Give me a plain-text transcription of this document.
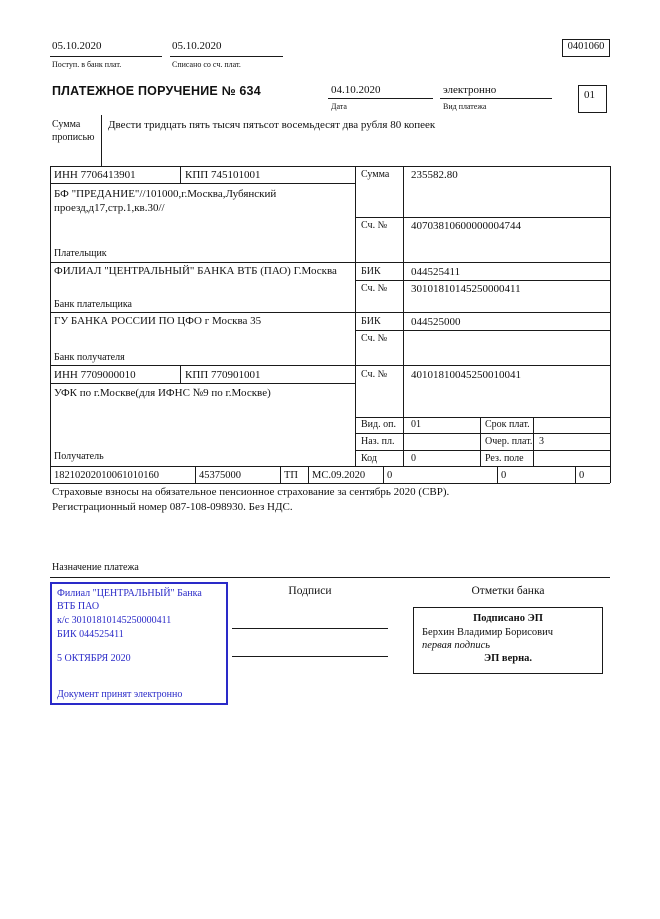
05.10.2020
Поступ. в банк плат.
05.10.2020
Списано со сч. плат.
0401060
ПЛАТЕЖНОЕ ПОРУЧЕНИЕ № 634	04.10.2020
Дата
электронно
Вид платежа
01
Сумма прописью
Двести тридцать пять тысяч пятьсот восемьдесят два рубля 80 копеек
ИНН 7706413901	КПП 745101001	Сумма 235582.80
БФ "ПРЕДАНИЕ"//101000,г.Москва,Лубянский проезд,д17,стр.1,кв.30//
Сч. № 40703810600000004744
Плательщик
ФИЛИАЛ "ЦЕНТРАЛЬНЫЙ" БАНКА ВТБ (ПАО) Г.Москва	БИК	044525411
Сч. № 30101810145250000411
Банк плательщика
ГУ БАНКА РОССИИ ПО ЦФО г Москва 35	БИК	044525000
Сч. №
Банк получателя
ИНН 7709000010	КПП 770901001	Сч. № 40101810045250010041
УФК по г.Москве(для ИФНС №9 по г.Москве)
Вид. оп. 01	Срок плат.
Наз. пл.	Очер. плат. 3
Код	0	Рез. поле
Получатель
18210202010061010160	45375000	ТП МС.09.2020 0	0	0
Страховые взносы на обязательное пенсионное страхование за сентябрь 2020 (СВР).
Регистрационный номер 087-108-098930. Без НДС.
Назначение платежа
Филиал "ЦЕНТРАЛЬНЫЙ" Банка
ВТБ ПАО
к/с 30101810145250000411
БИК 044525411
5 ОКТЯБРЯ 2020
Документ принят электронно
Подписи	Отметки банка
Подписано ЭП
Берхин Владимир Борисович
первая подпись
ЭП верна.
